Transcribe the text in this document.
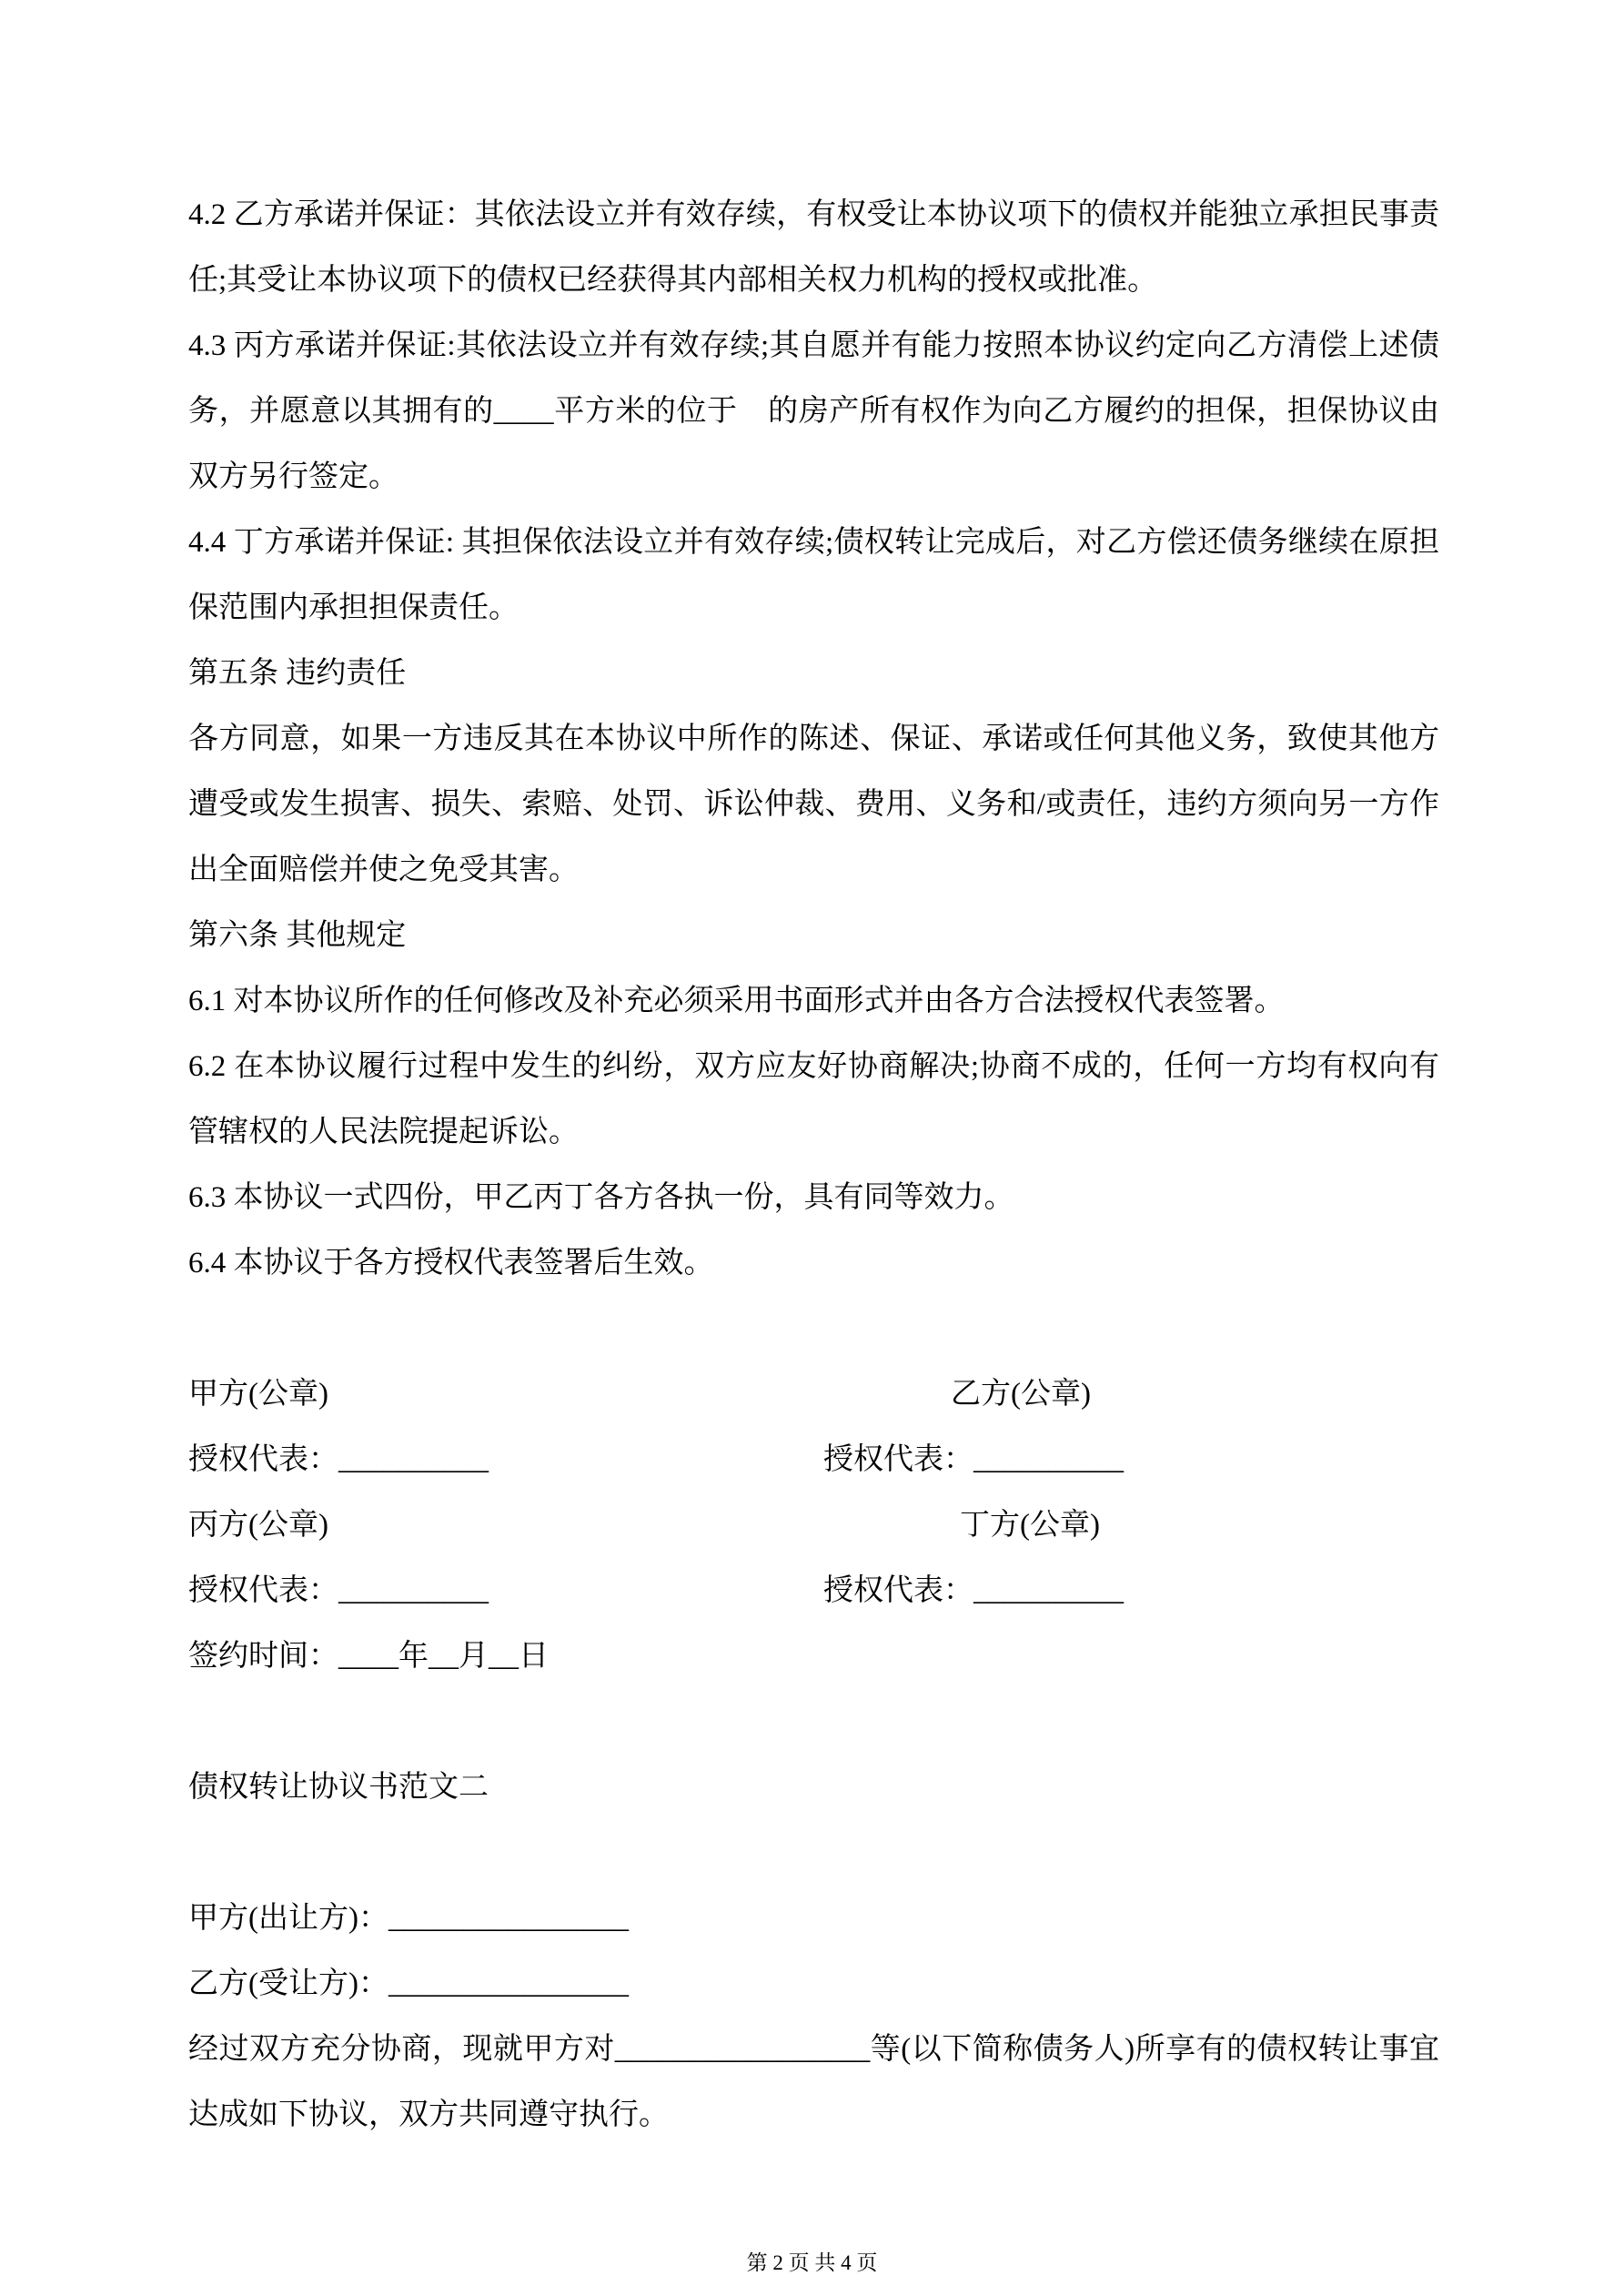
4.2 乙方承诺并保证：其依法设立并有效存续，有权受让本协议项下的债权并能独立承担民事责任;其受让本协议项下的债权已经获得其内部相关权力机构的授权或批准。

4.3 丙方承诺并保证:其依法设立并有效存续;其自愿并有能力按照本协议约定向乙方清偿上述债务，并愿意以其拥有的____平方米的位于　的房产所有权作为向乙方履约的担保，担保协议由双方另行签定。

4.4 丁方承诺并保证: 其担保依法设立并有效存续;债权转让完成后，对乙方偿还债务继续在原担保范围内承担担保责任。

第五条 违约责任

各方同意，如果一方违反其在本协议中所作的陈述、保证、承诺或任何其他义务，致使其他方遭受或发生损害、损失、索赔、处罚、诉讼仲裁、费用、义务和/或责任，违约方须向另一方作出全面赔偿并使之免受其害。

第六条 其他规定

6.1 对本协议所作的任何修改及补充必须采用书面形式并由各方合法授权代表签署。

6.2 在本协议履行过程中发生的纠纷，双方应友好协商解决;协商不成的，任何一方均有权向有管辖权的人民法院提起诉讼。

6.3 本协议一式四份，甲乙丙丁各方各执一份，具有同等效力。

6.4 本协议于各方授权代表签署后生效。

甲方(公章)	乙方(公章)
授权代表：__________	授权代表：__________
丙方(公章)	丁方(公章)
授权代表：__________	授权代表：__________
签约时间：____年__月__日

债权转让协议书范文二

甲方(出让方)：________________

乙方(受让方)：________________

经过双方充分协商，现就甲方对_________________等(以下简称债务人)所享有的债权转让事宜达成如下协议，双方共同遵守执行。

第 2 页 共 4 页
